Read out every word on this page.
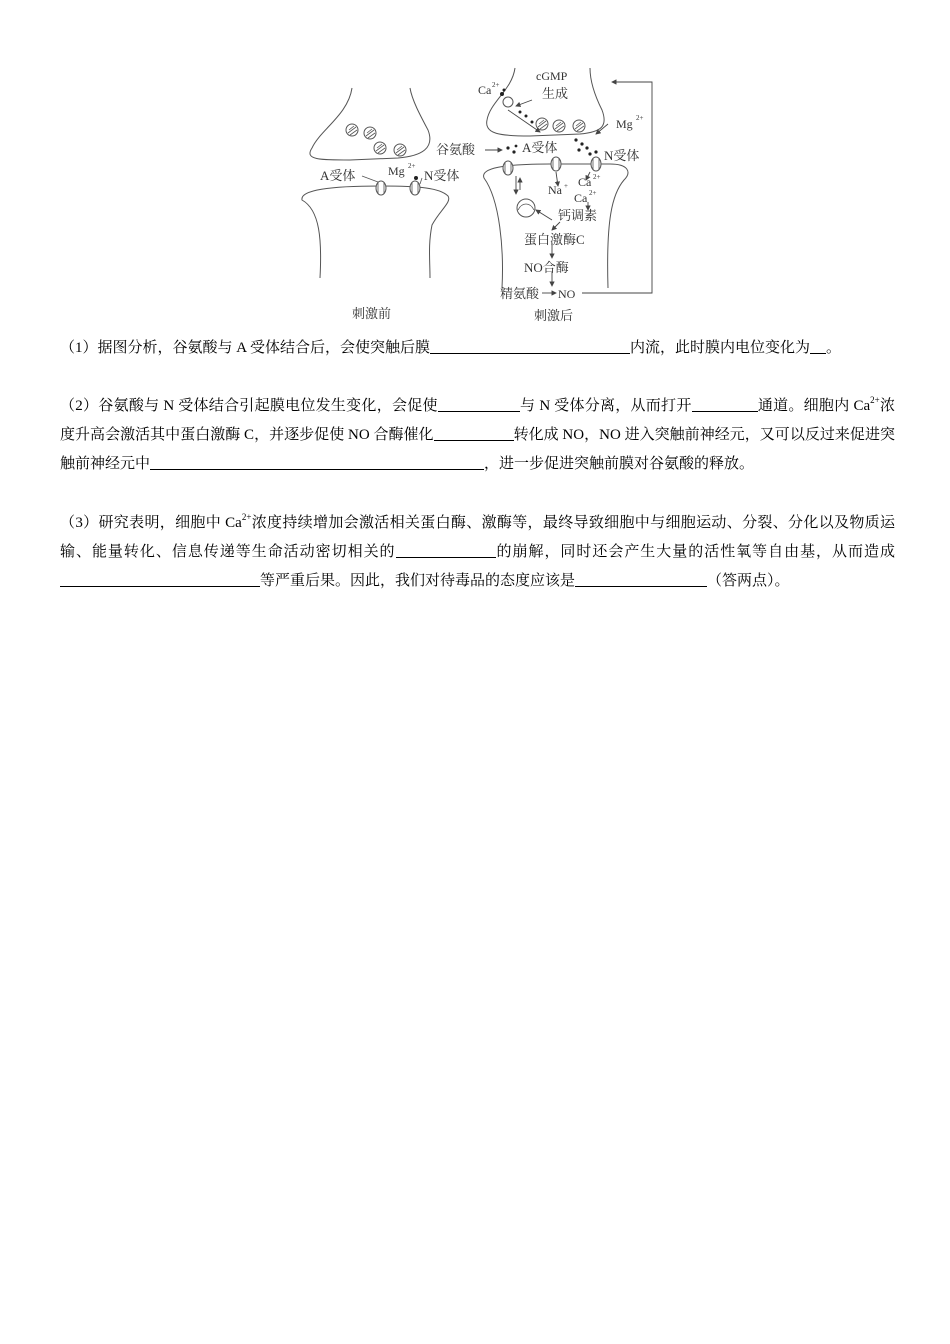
A受体	Mg 2+
N受体
刺激前
Ca 2+
cGMP
生成
谷氨酸	A受体
Mg 2+
N受体
Na + Ca 2+
Ca 2+
钙调素
蛋白激酶C
NO合酶
精氨酸 NO
刺激后
（1）据图分析，谷氨酸与 A 受体结合后，会使突触后膜	内流，此时膜内电位变化为 。
（2）谷氨酸与 N 受体结合引起膜电位发生变化，会促使	与 N 受体分离，从而打开	通道。细胞内 $Ca^{2+}$浓度升高会激活其中蛋白激酶 C，并逐步促使 NO 合酶催化	转化成 NO，NO 进入突触前神经元，又可以反过来促进突触前神经元中	，进一步促进突触前膜对谷氨酸的释放。
（3）研究表明，细胞中 $Ca^{2+}$浓度持续增加会激活相关蛋白酶、激酶等，最终导致细胞中与细胞运动、分裂、分化以及物质运输、能量转化、信息传递等生命活动密切相关的	的崩解，同时还会产生大量的活性氧等自由基，从而造成等严重后果。因此，我们对待毒品的态度应该是	（答两点）。
